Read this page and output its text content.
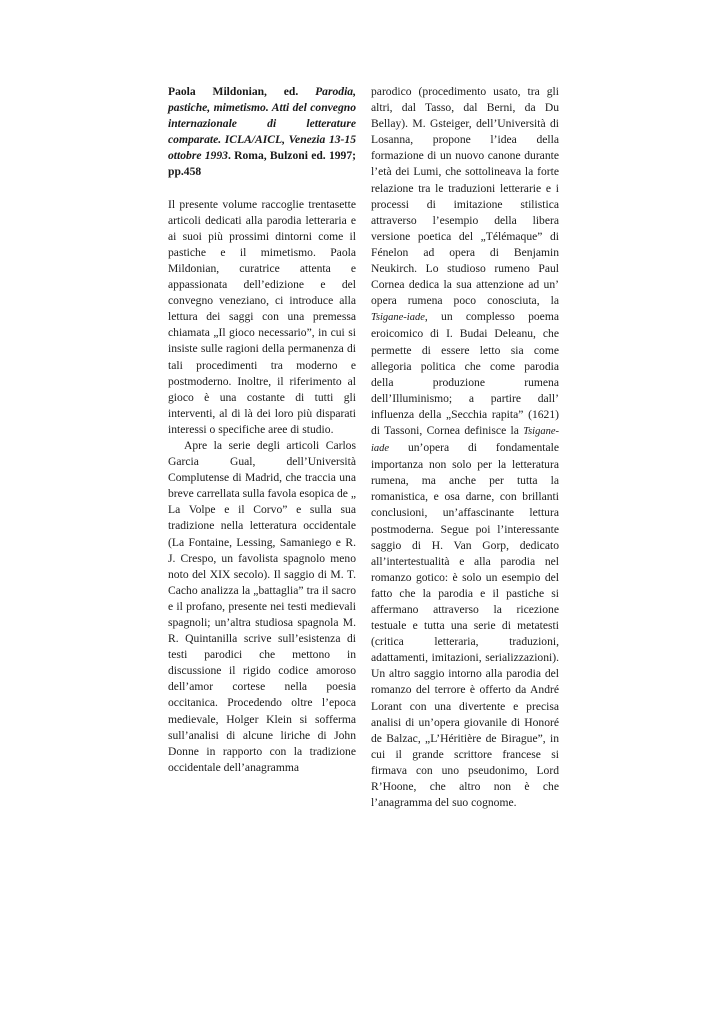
Paola Mildonian, ed. Parodia, pastiche, mimetismo. Atti del convegno internazionale di letterature comparate. ICLA/AICL, Venezia 13-15 ottobre 1993. Roma, Bulzoni ed. 1997; pp.458

Il presente volume raccoglie trentasette articoli dedicati alla parodia letteraria e ai suoi più prossimi dintorni come il pastiche e il mimetismo. Paola Mildonian, curatrice attenta e appassionata dell’edizione e del convegno veneziano, ci introduce alla lettura dei saggi con una premessa chiamata „Il gioco necessario”, in cui si insiste sulle ragioni della permanenza di tali procedimenti tra moderno e postmoderno. Inoltre, il riferimento al gioco è una costante di tutti gli interventi, al di là dei loro più disparati interessi o specifiche aree di studio.

Apre la serie degli articoli Carlos Garcia Gual, dell’Università Complutense di Madrid, che traccia una breve carrellata sulla favola esopica de „ La Volpe e il Corvo” e sulla sua tradizione nella letteratura occidentale (La Fontaine, Lessing, Samaniego e R. J. Crespo, un favolista spagnolo meno noto del XIX secolo). Il saggio di M. T. Cacho analizza la „battaglia” tra il sacro e il profano, presente nei testi medievali spagnoli; un’altra studiosa spagnola M. R. Quintanilla scrive sull’esistenza di testi parodici che mettono in discussione il rigido codice amoroso dell’amor cortese nella poesia occitanica. Procedendo oltre l’epoca medievale, Holger Klein si sofferma sull’analisi di alcune liriche di John Donne in rapporto con la tradizione occidentale dell’anagramma

parodico (procedimento usato, tra gli altri, dal Tasso, dal Berni, da Du Bellay). M. Gsteiger, dell’Università di Losanna, propone l’idea della formazione di un nuovo canone durante l’età dei Lumi, che sottolineava la forte relazione tra le traduzioni letterarie e i processi di imitazione stilistica attraverso l’esempio della libera versione poetica del „Télémaque” di Fénelon ad opera di Benjamin Neukirch. Lo studioso rumeno Paul Cornea dedica la sua attenzione ad un’ opera rumena poco conosciuta, la Tsigane-iade, un complesso poema eroicomico di I. Budai Deleanu, che permette di essere letto sia come allegoria politica che come parodia della produzione rumena dell’Illuminismo; a partire dall’ influenza della „Secchia rapita” (1621) di Tassoni, Cornea definisce la Tsigane-iade un’opera di fondamentale importanza non solo per la letteratura rumena, ma anche per tutta la romanistica, e osa darne, con brillanti conclusioni, un’affascinante lettura postmoderna. Segue poi l’interessante saggio di H. Van Gorp, dedicato all’intertestualità e alla parodia nel romanzo gotico: è solo un esempio del fatto che la parodia e il pastiche si affermano attraverso la ricezione testuale e tutta una serie di metatesti (critica letteraria, traduzioni, adattamenti, imitazioni, serializzazioni). Un altro saggio intorno alla parodia del romanzo del terrore è offerto da André Lorant con una divertente e precisa analisi di un’opera giovanile di Honoré de Balzac, „L’Héritière de Birague”, in cui il grande scrittore francese si firmava con uno pseudonimo, Lord R’Hoone, che altro non è che l’anagramma del suo cognome.
